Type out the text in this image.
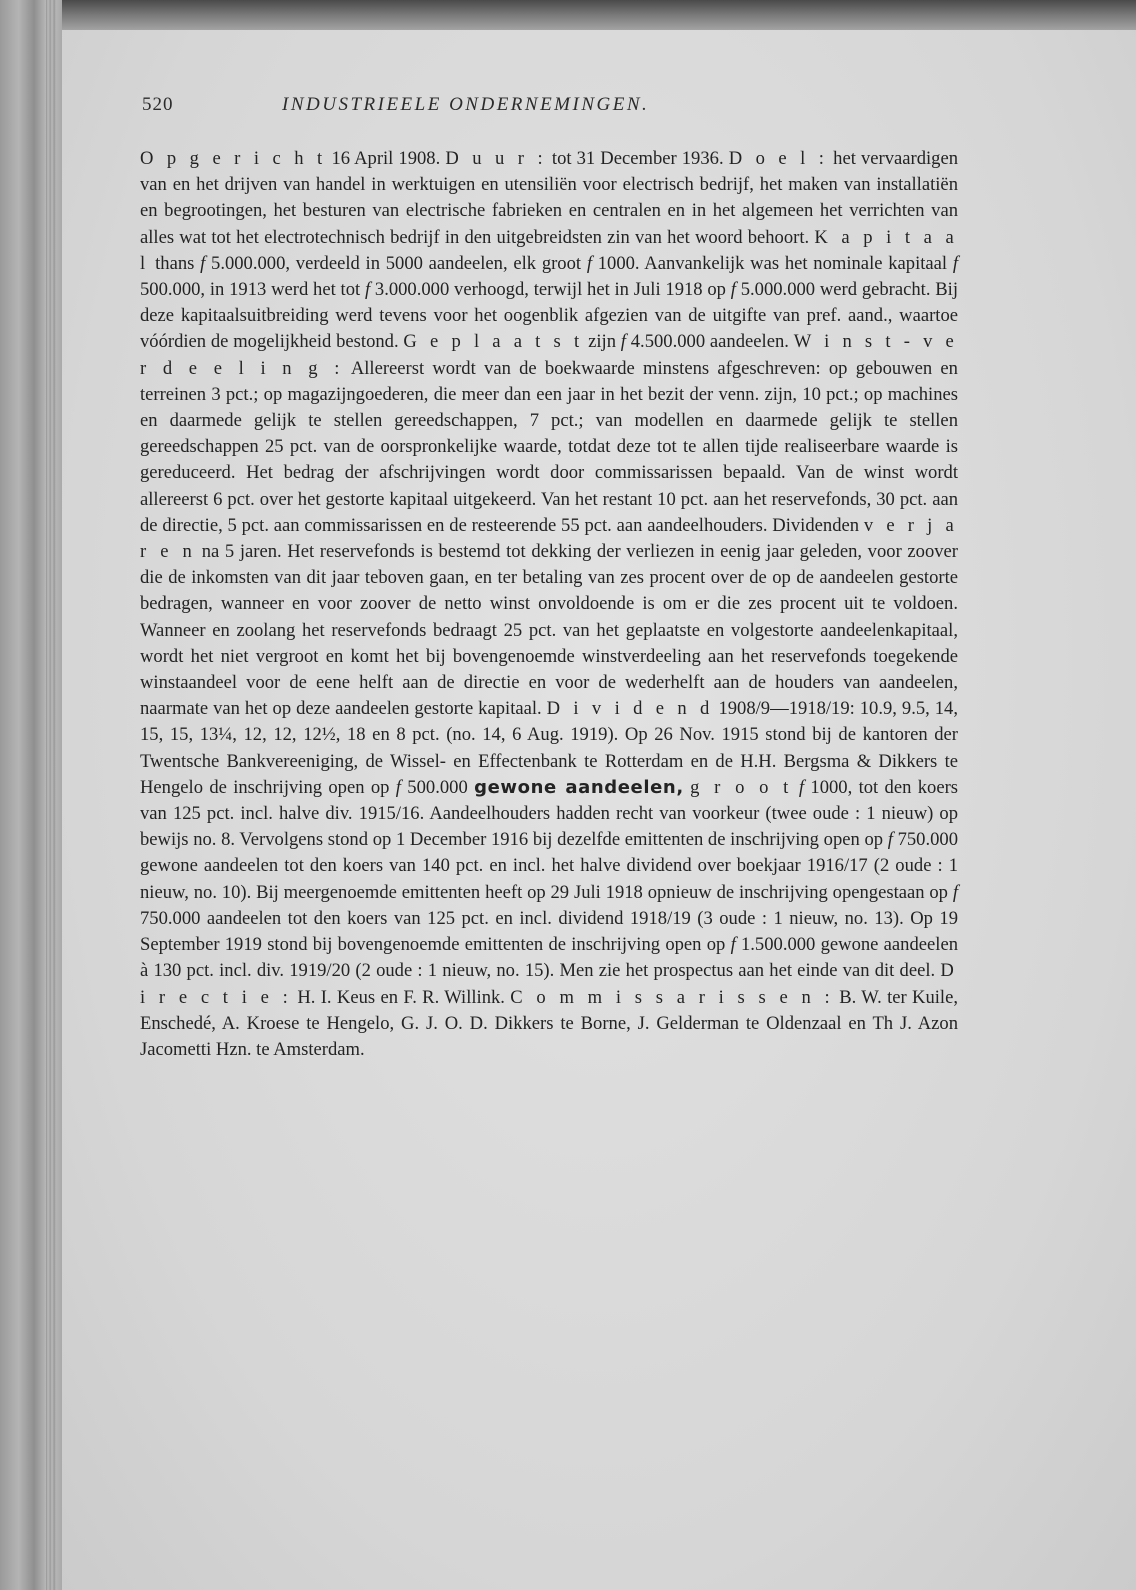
520	INDUSTRIEELE ONDERNEMINGEN.

O p g e r i c h t 16 April 1908. D u u r : tot 31 December 1936. D o e l : het vervaardigen van en het drijven van handel in werktuigen en utensiliën voor electrisch bedrijf, het maken van installatiën en begrootingen, het besturen van electrische fabrieken en centralen en in het algemeen het verrichten van alles wat tot het electrotechnisch bedrijf in den uitgebreidsten zin van het woord behoort. K a p i t a a l thans f 5.000.000, verdeeld in 5000 aandeelen, elk groot f 1000. Aanvankelijk was het nominale kapitaal f 500.000, in 1913 werd het tot f 3.000.000 verhoogd, terwijl het in Juli 1918 op f 5.000.000 werd gebracht. Bij deze kapitaalsuitbreiding werd tevens voor het oogenblik afgezien van de uitgifte van pref. aand., waartoe vóórdien de mogelijkheid bestond. G e p l a a t s t zijn f 4.500.000 aandeelen. W i n s t - v e r d e e l i n g : Allereerst wordt van de boekwaarde minstens afgeschreven: op gebouwen en terreinen 3 pct.; op magazijngoederen, die meer dan een jaar in het bezit der venn. zijn, 10 pct.; op machines en daarmede gelijk te stellen gereedschappen, 7 pct.; van modellen en daarmede gelijk te stellen gereedschappen 25 pct. van de oorspronkelijke waarde, totdat deze tot te allen tijde realiseerbare waarde is gereduceerd. Het bedrag der afschrijvingen wordt door commissarissen bepaald. Van de winst wordt allereerst 6 pct. over het gestorte kapitaal uitgekeerd. Van het restant 10 pct. aan het reservefonds, 30 pct. aan de directie, 5 pct. aan commissarissen en de resteerende 55 pct. aan aandeelhouders. Dividenden v e r j a r e n na 5 jaren. Het reservefonds is bestemd tot dekking der verliezen in eenig jaar geleden, voor zoover die de inkomsten van dit jaar teboven gaan, en ter betaling van zes procent over de op de aandeelen gestorte bedragen, wanneer en voor zoover de netto winst onvoldoende is om er die zes procent uit te voldoen. Wanneer en zoolang het reservefonds bedraagt 25 pct. van het geplaatste en volgestorte aandeelenkapitaal, wordt het niet vergroot en komt het bij bovengenoemde winstverdeeling aan het reservefonds toegekende winstaandeel voor de eene helft aan de directie en voor de wederhelft aan de houders van aandeelen, naarmate van het op deze aandeelen gestorte kapitaal. D i v i d e n d 1908/9—1918/19: 10.9, 9.5, 14, 15, 15, 13¼, 12, 12, 12½, 18 en 8 pct. (no. 14, 6 Aug. 1919). Op 26 Nov. 1915 stond bij de kantoren der Twentsche Bankvereeniging, de Wissel- en Effectenbank te Rotterdam en de H.H. Bergsma & Dikkers te Hengelo de inschrijving open op f 500.000 gewone aandeelen, g r o o t f 1000, tot den koers van 125 pct. incl. halve div. 1915/16. Aandeelhouders hadden recht van voorkeur (twee oude : 1 nieuw) op bewijs no. 8. Vervolgens stond op 1 December 1916 bij dezelfde emittenten de inschrijving open op f 750.000 gewone aandeelen tot den koers van 140 pct. en incl. het halve dividend over boekjaar 1916/17 (2 oude : 1 nieuw, no. 10). Bij meergenoemde emittenten heeft op 29 Juli 1918 opnieuw de inschrijving opengestaan op f 750.000 aandeelen tot den koers van 125 pct. en incl. dividend 1918/19 (3 oude : 1 nieuw, no. 13). Op 19 September 1919 stond bij bovengenoemde emittenten de inschrijving open op f 1.500.000 gewone aandeelen à 130 pct. incl. div. 1919/20 (2 oude : 1 nieuw, no. 15). Men zie het prospectus aan het einde van dit deel. D i r e c t i e : H. I. Keus en F. R. Willink. C o m m i s s a r i s s e n : B. W. ter Kuile, Enschedé, A. Kroese te Hengelo, G. J. O. D. Dikkers te Borne, J. Gelderman te Oldenzaal en Th J. Azon Jacometti Hzn. te Amsterdam.
